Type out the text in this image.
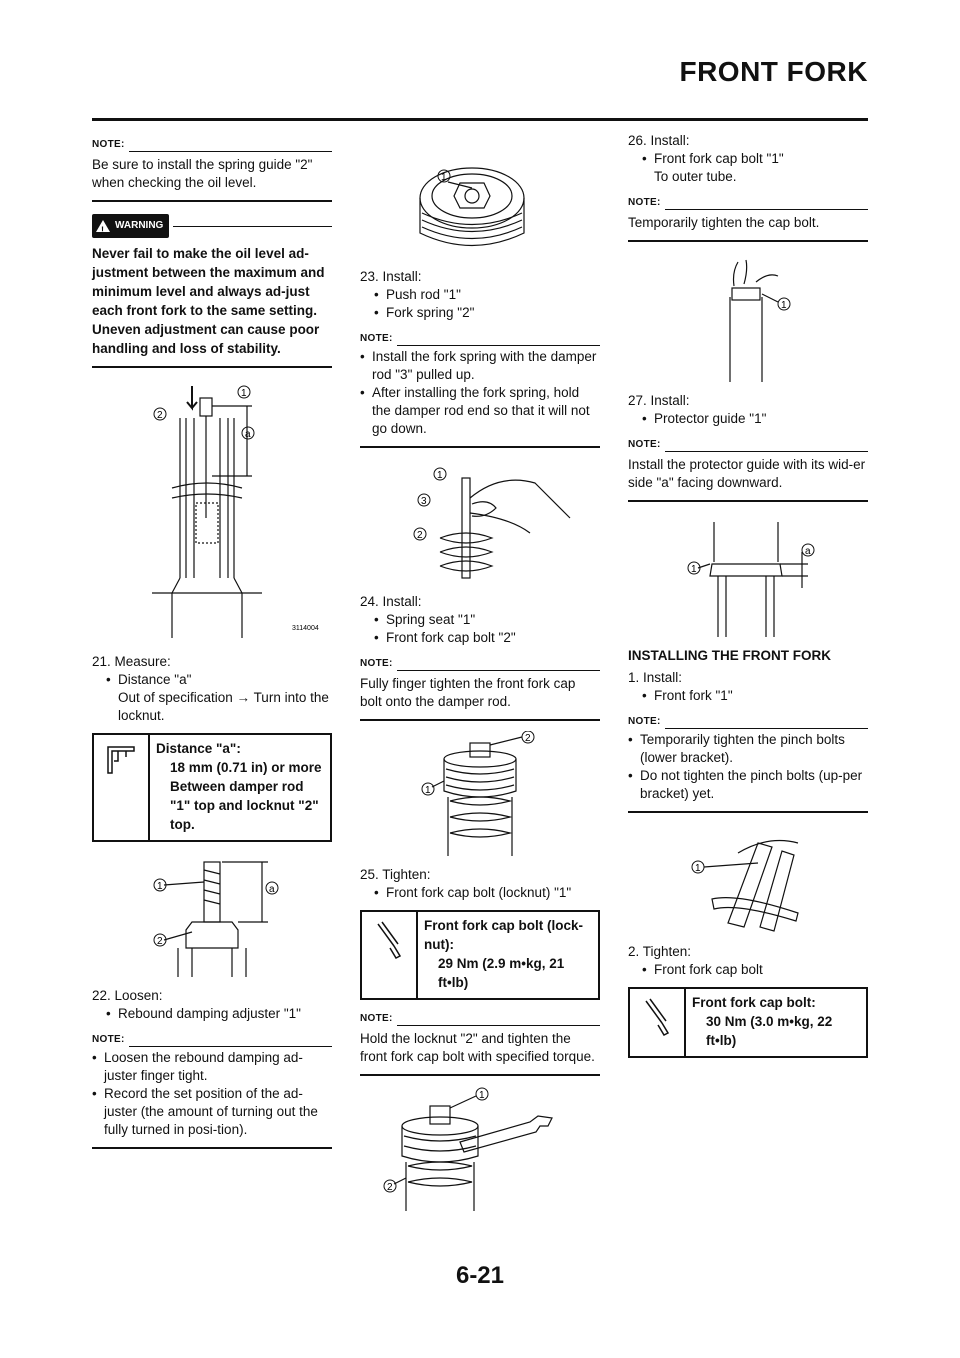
FRONT FORK
NOTE:
Be sure to install the spring guide "2" when checking the oil level.
! WARNING
Never fail to make the oil level ad-justment between the maximum and minimum level and always ad-just each front fork to the same setting. Uneven adjustment can cause poor handling and loss of stability.
1
2
a
3114004
21. Measure:
• Distance "a"
Out of specification → Turn into the locknut.
Distance "a":
18 mm (0.71 in) or more Between damper rod "1" top and locknut "2" top.
1
2
a
22. Loosen:
• Rebound damping adjuster "1"
NOTE:
• Loosen the rebound damping ad-juster finger tight.
• Record the set position of the ad-juster (the amount of turning out the fully turned in posi-tion).
1
23. Install:
• Push rod "1"
• Fork spring "2"
NOTE:
• Install the fork spring with the damper rod "3" pulled up.
• After installing the fork spring, hold the damper rod end so that it will not go down.
1
3
2
24. Install:
• Spring seat "1"
• Front fork cap bolt "2"
NOTE:
Fully finger tighten the front fork cap bolt onto the damper rod.
2
1
25. Tighten:
• Front fork cap bolt (locknut) "1"
Front fork cap bolt (lock-nut):
29 Nm (2.9 m•kg, 21 ft•lb)
NOTE:
Hold the locknut "2" and tighten the front fork cap bolt with specified torque.
1
2
26. Install:
• Front fork cap bolt "1"
To outer tube.
NOTE:
Temporarily tighten the cap bolt.
1
27. Install:
• Protector guide "1"
NOTE:
Install the protector guide with its wid-er side "a" facing downward.
1
a
INSTALLING THE FRONT FORK
1. Install:
• Front fork "1"
NOTE:
• Temporarily tighten the pinch bolts (lower bracket).
• Do not tighten the pinch bolts (up-per bracket) yet.
1
2. Tighten:
• Front fork cap bolt
Front fork cap bolt:
30 Nm (3.0 m•kg, 22 ft•lb)
6-21
